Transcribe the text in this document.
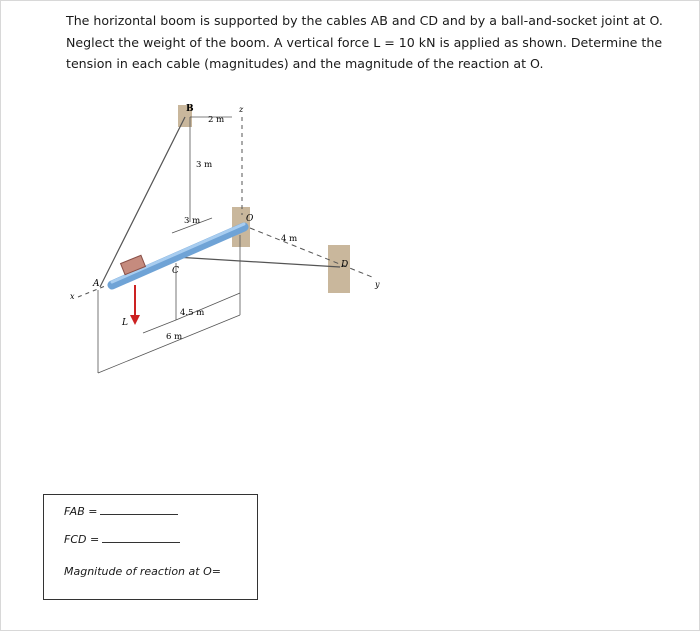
The horizontal boom is supported by the cables AB and CD and by a ball-and-socket joint at O.

Neglect the weight of the boom. A vertical force L = 10 kN is applied as shown. Determine the

tension in each cable (magnitudes) and the magnitude of the reaction at O.

B
2 m
z
3 m
3 m	O
4 m
D
y
C
A
x
L
4.5 m
6 m
FAB =
FCD =
Magnitude of reaction at O=
